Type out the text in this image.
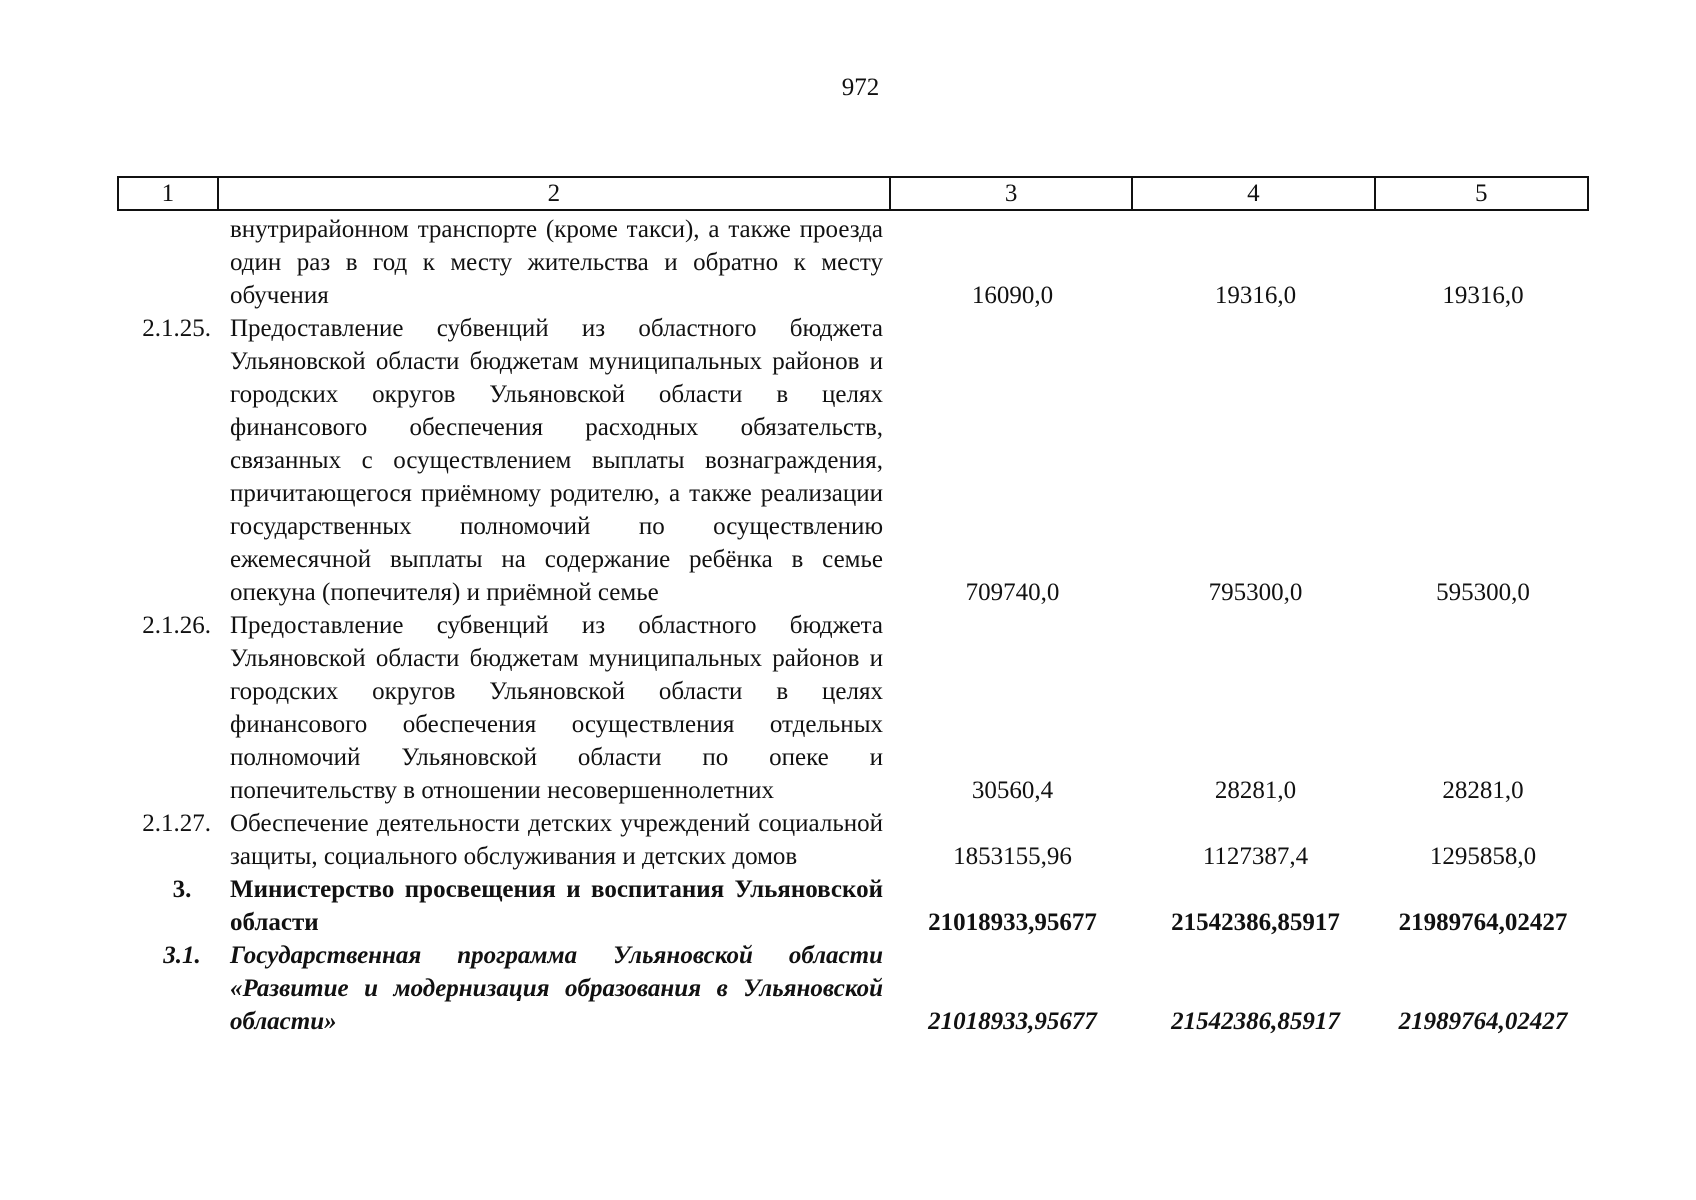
972
1	2	3	4	5
внутрирайонном транспорте (кроме такси), а также проезда один раз в год к месту жительства и обратно к месту обучения	16090,0	19316,0	19316,0
2.1.25. Предоставление субвенций из областного бюджета Ульяновской области бюджетам муниципальных районов и городских округов Ульяновской области в целях финансового обеспечения расходных обязательств, связанных с осуществлением выплаты вознаграждения, причитающегося приёмному родителю, а также реализации государственных полномочий по осуществлению ежемесячной выплаты на содержание ребёнка в семье опекуна (попечителя) и приёмной семье	709740,0	795300,0	595300,0
2.1.26. Предоставление субвенций из областного бюджета Ульяновской области бюджетам муниципальных районов и городских округов Ульяновской области в целях финансового обеспечения осуществления отдельных полномочий Ульяновской области по опеке и попечительству в отношении несовершеннолетних	30560,4	28281,0	28281,0
2.1.27. Обеспечение деятельности детских учреждений социальной защиты, социального обслуживания и детских домов	1853155,96	1127387,4	1295858,0
3.	Министерство просвещения и воспитания Ульяновской области	21018933,95677	21542386,85917	21989764,02427
3.1.	Государственная программа Ульяновской области «Развитие и модернизация образования в Ульяновской области»	21018933,95677	21542386,85917	21989764,02427
